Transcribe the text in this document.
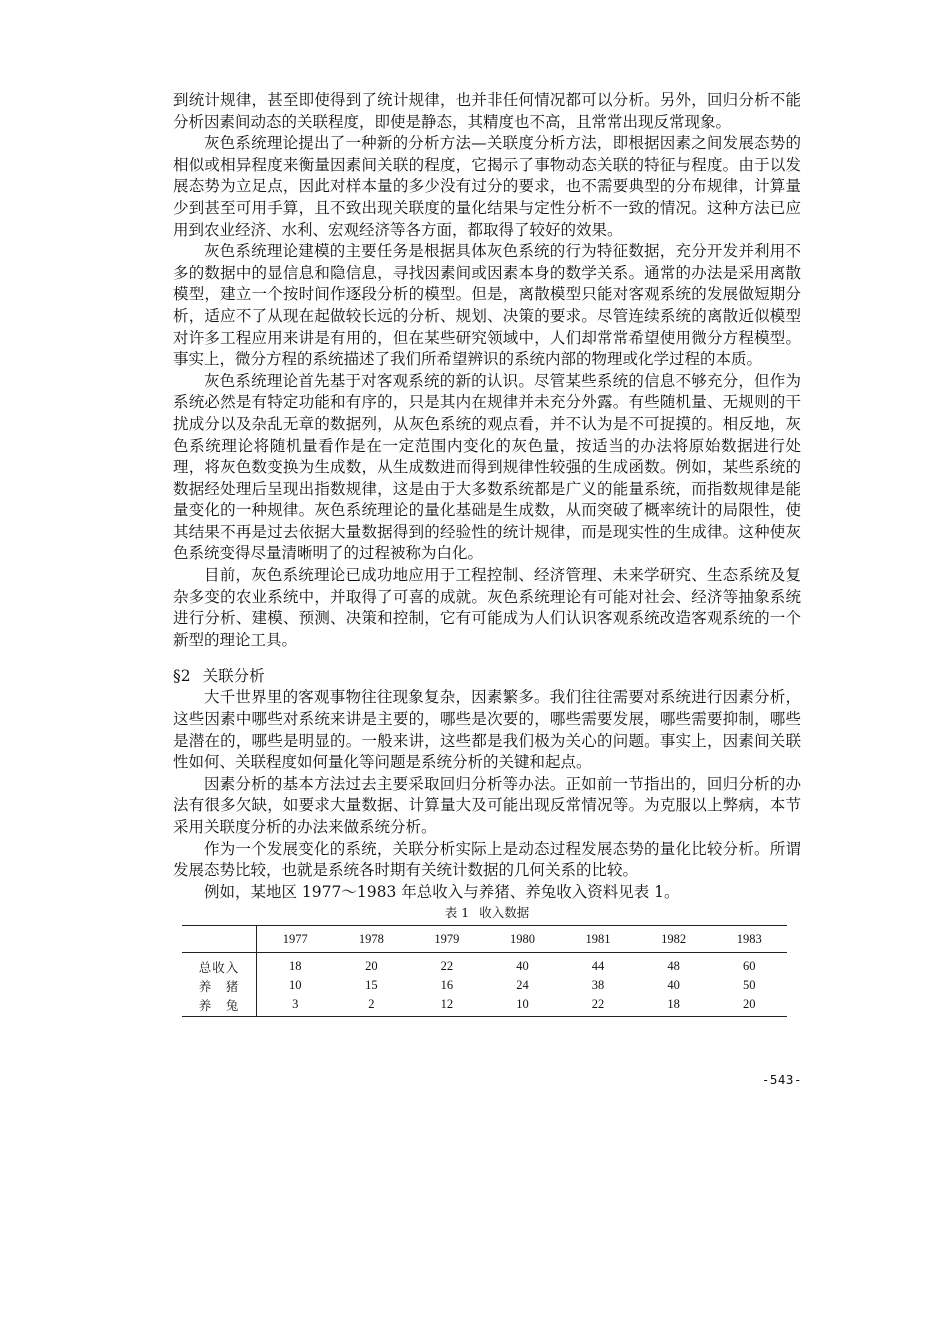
到统计规律，甚至即使得到了统计规律，也并非任何情况都可以分析。另外，回归分析不能分析因素间动态的关联程度，即使是静态，其精度也不高，且常常出现反常现象。

灰色系统理论提出了一种新的分析方法—关联度分析方法，即根据因素之间发展态势的相似或相异程度来衡量因素间关联的程度，它揭示了事物动态关联的特征与程度。由于以发展态势为立足点，因此对样本量的多少没有过分的要求，也不需要典型的分布规律，计算量少到甚至可用手算，且不致出现关联度的量化结果与定性分析不一致的情况。这种方法已应用到农业经济、水利、宏观经济等各方面，都取得了较好的效果。

灰色系统理论建模的主要任务是根据具体灰色系统的行为特征数据，充分开发并利用不多的数据中的显信息和隐信息，寻找因素间或因素本身的数学关系。通常的办法是采用离散模型，建立一个按时间作逐段分析的模型。但是，离散模型只能对客观系统的发展做短期分析，适应不了从现在起做较长远的分析、规划、决策的要求。尽管连续系统的离散近似模型对许多工程应用来讲是有用的，但在某些研究领域中，人们却常常希望使用微分方程模型。事实上，微分方程的系统描述了我们所希望辨识的系统内部的物理或化学过程的本质。

灰色系统理论首先基于对客观系统的新的认识。尽管某些系统的信息不够充分，但作为系统必然是有特定功能和有序的，只是其内在规律并未充分外露。有些随机量、无规则的干扰成分以及杂乱无章的数据列，从灰色系统的观点看，并不认为是不可捉摸的。相反地，灰色系统理论将随机量看作是在一定范围内变化的灰色量，按适当的办法将原始数据进行处理，将灰色数变换为生成数，从生成数进而得到规律性较强的生成函数。例如，某些系统的数据经处理后呈现出指数规律，这是由于大多数系统都是广义的能量系统，而指数规律是能量变化的一种规律。灰色系统理论的量化基础是生成数，从而突破了概率统计的局限性，使其结果不再是过去依据大量数据得到的经验性的统计规律，而是现实性的生成律。这种使灰色系统变得尽量清晰明了的过程被称为白化。

目前，灰色系统理论已成功地应用于工程控制、经济管理、未来学研究、生态系统及复杂多变的农业系统中，并取得了可喜的成就。灰色系统理论有可能对社会、经济等抽象系统进行分析、建模、预测、决策和控制，它有可能成为人们认识客观系统改造客观系统的一个新型的理论工具。

§2 关联分析

大千世界里的客观事物往往现象复杂，因素繁多。我们往往需要对系统进行因素分析，这些因素中哪些对系统来讲是主要的，哪些是次要的，哪些需要发展，哪些需要抑制，哪些是潜在的，哪些是明显的。一般来讲，这些都是我们极为关心的问题。事实上，因素间关联性如何、关联程度如何量化等问题是系统分析的关键和起点。

因素分析的基本方法过去主要采取回归分析等办法。正如前一节指出的，回归分析的办法有很多欠缺，如要求大量数据、计算量大及可能出现反常情况等。为克服以上弊病，本节采用关联度分析的办法来做系统分析。

作为一个发展变化的系统，关联分析实际上是动态过程发展态势的量化比较分析。所谓发展态势比较，也就是系统各时期有关统计数据的几何关系的比较。

例如，某地区 1977～1983 年总收入与养猪、养兔收入资料见表 1。

表 1 收入数据
	1977	1978	1979	1980	1981	1982	1983
总收入	18	20	22	40	44	48	60
养　猪	10	15	16	24	38	40	50
养　兔	3	2	12	10	22	18	20
-543-
